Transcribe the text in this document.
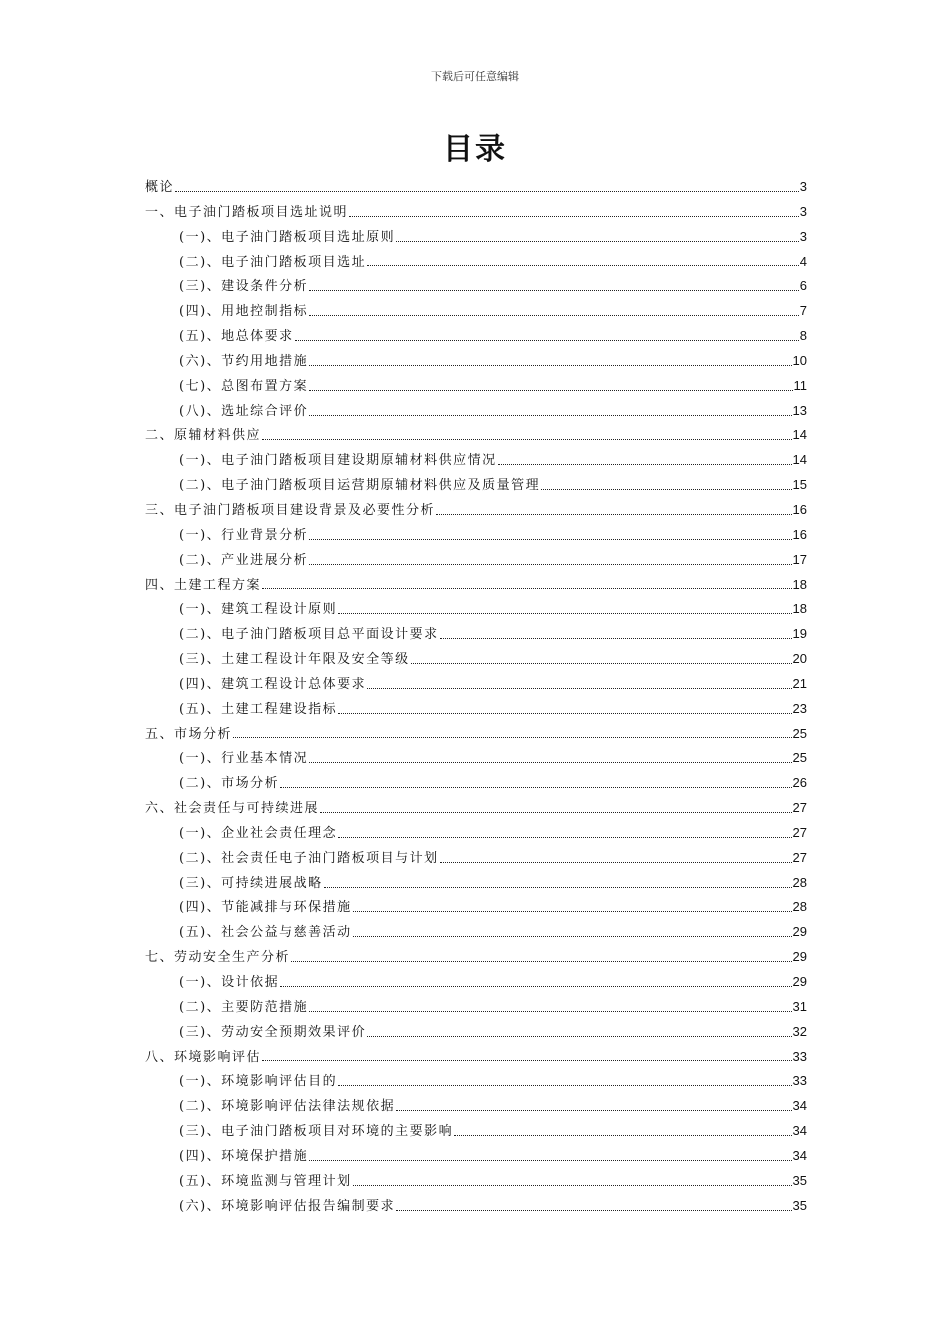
下载后可任意编辑
目录
概论	3
一、电子油门踏板项目选址说明	3
(一)、电子油门踏板项目选址原则	3
(二)、电子油门踏板项目选址	4
(三)、建设条件分析	6
(四)、用地控制指标	7
(五)、地总体要求	8
(六)、节约用地措施	10
(七)、总图布置方案	11
(八)、选址综合评价	13
二、原辅材料供应	14
(一)、电子油门踏板项目建设期原辅材料供应情况	14
(二)、电子油门踏板项目运营期原辅材料供应及质量管理	15
三、电子油门踏板项目建设背景及必要性分析	16
(一)、行业背景分析	16
(二)、产业进展分析	17
四、土建工程方案	18
(一)、建筑工程设计原则	18
(二)、电子油门踏板项目总平面设计要求	19
(三)、土建工程设计年限及安全等级	20
(四)、建筑工程设计总体要求	21
(五)、土建工程建设指标	23
五、市场分析	25
(一)、行业基本情况	25
(二)、市场分析	26
六、社会责任与可持续进展	27
(一)、企业社会责任理念	27
(二)、社会责任电子油门踏板项目与计划	27
(三)、可持续进展战略	28
(四)、节能减排与环保措施	28
(五)、社会公益与慈善活动	29
七、劳动安全生产分析	29
(一)、设计依据	29
(二)、主要防范措施	31
(三)、劳动安全预期效果评价	32
八、环境影响评估	33
(一)、环境影响评估目的	33
(二)、环境影响评估法律法规依据	34
(三)、电子油门踏板项目对环境的主要影响	34
(四)、环境保护措施	34
(五)、环境监测与管理计划	35
(六)、环境影响评估报告编制要求	35
